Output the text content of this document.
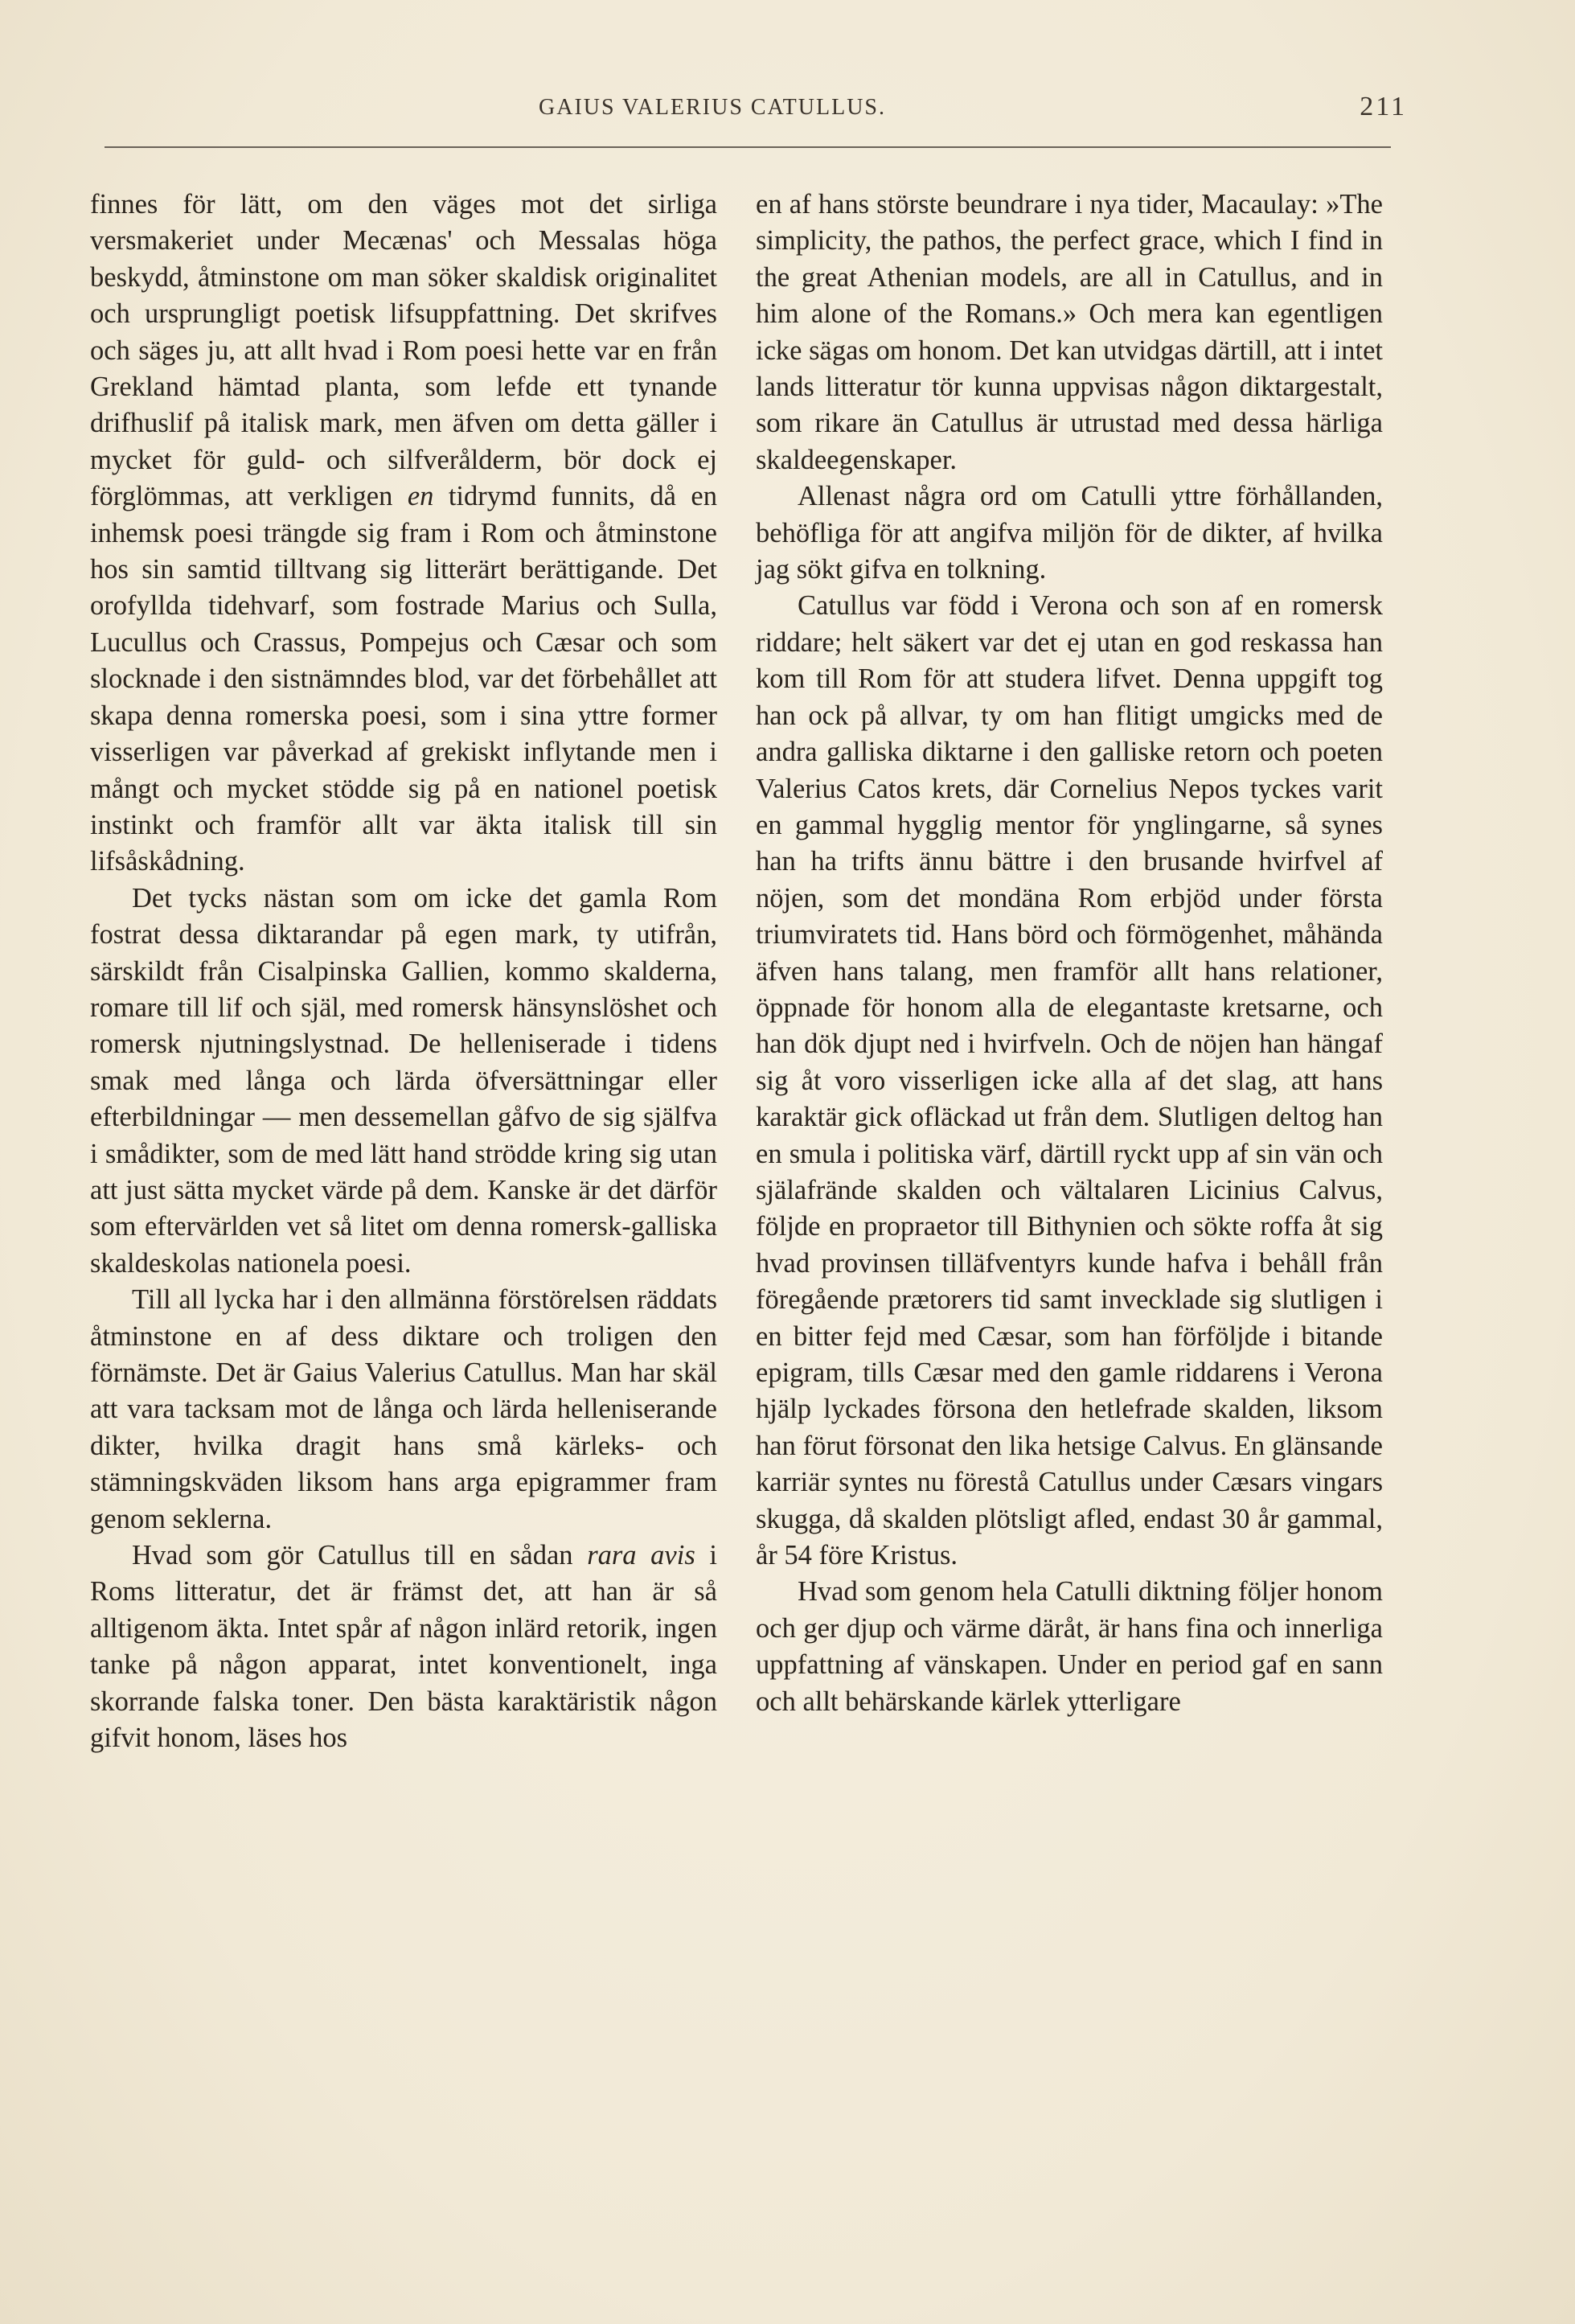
GAIUS VALERIUS CATULLUS.	211

finnes för lätt, om den väges mot det sirliga versmakeriet under Mecænas' och Messalas höga beskydd, åtminstone om man söker skaldisk originalitet och ursprungligt poetisk lifsuppfattning. Det skrifves och säges ju, att allt hvad i Rom poesi hette var en från Grekland hämtad planta, som lefde ett tynande drifhuslif på italisk mark, men äfven om detta gäller i mycket för guld- och silfverålderm, bör dock ej förglömmas, att verkligen en tidrymd funnits, då en inhemsk poesi trängde sig fram i Rom och åtminstone hos sin samtid tilltvang sig litterärt berättigande. Det orofyllda tidehvarf, som fostrade Marius och Sulla, Lucullus och Crassus, Pompejus och Cæsar och som slocknade i den sistnämndes blod, var det förbehållet att skapa denna romerska poesi, som i sina yttre former visserligen var påverkad af grekiskt inflytande men i mångt och mycket stödde sig på en nationel poetisk instinkt och framför allt var äkta italisk till sin lifsåskådning.

Det tycks nästan som om icke det gamla Rom fostrat dessa diktarandar på egen mark, ty utifrån, särskildt från Cisalpinska Gallien, kommo skalderna, romare till lif och själ, med romersk hänsynslöshet och romersk njutningslystnad. De helleniserade i tidens smak med långa och lärda öfversättningar eller efterbildningar — men dessemellan gåfvo de sig själfva i smådikter, som de med lätt hand strödde kring sig utan att just sätta mycket värde på dem. Kanske är det därför som eftervärlden vet så litet om denna romersk-galliska skaldeskolas nationela poesi.

Till all lycka har i den allmänna förstörelsen räddats åtminstone en af dess diktare och troligen den förnämste. Det är Gaius Valerius Catullus. Man har skäl att vara tacksam mot de långa och lärda helleniserande dikter, hvilka dragit hans små kärleks- och stämningskväden liksom hans arga epigrammer fram genom seklerna.

Hvad som gör Catullus till en sådan rara avis i Roms litteratur, det är främst det, att han är så alltigenom äkta. Intet spår af någon inlärd retorik, ingen tanke på någon apparat, intet konventionelt, inga skorrande falska toner. Den bästa karaktäristik någon gifvit honom, läses hos

en af hans störste beundrare i nya tider, Macaulay: »The simplicity, the pathos, the perfect grace, which I find in the great Athenian models, are all in Catullus, and in him alone of the Romans.» Och mera kan egentligen icke sägas om honom. Det kan utvidgas därtill, att i intet lands litteratur tör kunna uppvisas någon diktargestalt, som rikare än Catullus är utrustad med dessa härliga skaldeegenskaper.

Allenast några ord om Catulli yttre förhållanden, behöfliga för att angifva miljön för de dikter, af hvilka jag sökt gifva en tolkning.

Catullus var född i Verona och son af en romersk riddare; helt säkert var det ej utan en god reskassa han kom till Rom för att studera lifvet. Denna uppgift tog han ock på allvar, ty om han flitigt umgicks med de andra galliska diktarne i den galliske retorn och poeten Valerius Catos krets, där Cornelius Nepos tyckes varit en gammal hygglig mentor för ynglingarne, så synes han ha trifts ännu bättre i den brusande hvirfvel af nöjen, som det mondäna Rom erbjöd under första triumviratets tid. Hans börd och förmögenhet, måhända äfven hans talang, men framför allt hans relationer, öppnade för honom alla de elegantaste kretsarne, och han dök djupt ned i hvirfveln. Och de nöjen han hängaf sig åt voro visserligen icke alla af det slag, att hans karaktär gick ofläckad ut från dem. Slutligen deltog han en smula i politiska värf, därtill ryckt upp af sin vän och själafrände skalden och vältalaren Licinius Calvus, följde en propraetor till Bithynien och sökte roffa åt sig hvad provinsen tilläfventyrs kunde hafva i behåll från föregående prætorers tid samt invecklade sig slutligen i en bitter fejd med Cæsar, som han förföljde i bitande epigram, tills Cæsar med den gamle riddarens i Verona hjälp lyckades försona den hetlefrade skalden, liksom han förut försonat den lika hetsige Calvus. En glänsande karriär syntes nu förestå Catullus under Cæsars vingars skugga, då skalden plötsligt afled, endast 30 år gammal, år 54 före Kristus.

Hvad som genom hela Catulli diktning följer honom och ger djup och värme däråt, är hans fina och innerliga uppfattning af vänskapen. Under en period gaf en sann och allt behärskande kärlek ytterligare
